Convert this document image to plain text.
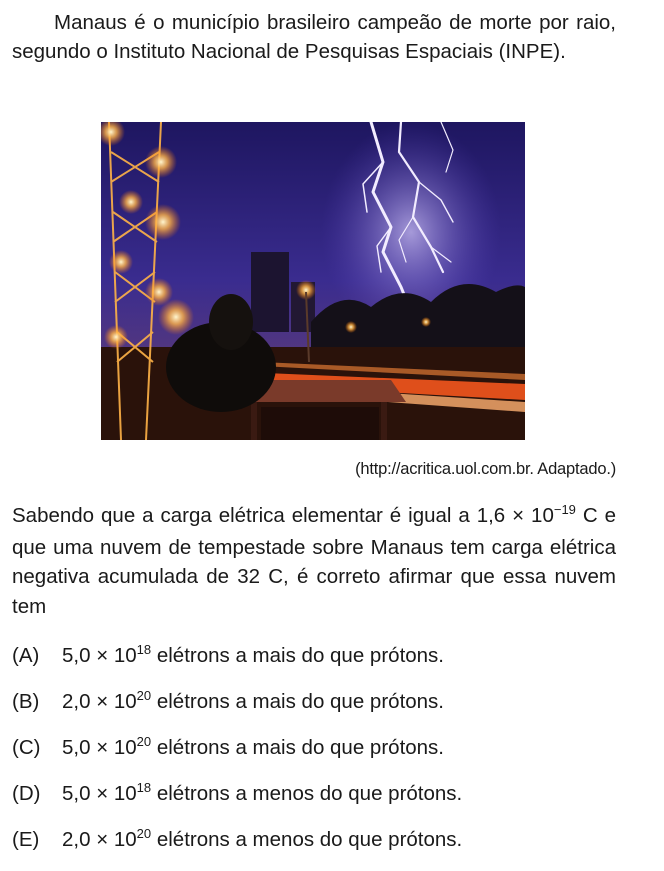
Manaus é o município brasileiro campeão de morte por raio, segundo o Instituto Nacional de Pesquisas Espaciais (INPE).

(http://acritica.uol.com.br. Adaptado.)

Sabendo que a carga elétrica elementar é igual a $1,6 \times 10^{-19}$ C e que uma nuvem de tempestade sobre Manaus tem carga elétrica negativa acumulada de 32 C, é correto afirmar que essa nuvem tem

(A) $5,0 \times 10^{18}$ elétrons a mais do que prótons.
(B) $2,0 \times 10^{20}$ elétrons a mais do que prótons.
(C) $5,0 \times 10^{20}$ elétrons a mais do que prótons.
(D) $5,0 \times 10^{18}$ elétrons a menos do que prótons.
(E) $2,0 \times 10^{20}$ elétrons a menos do que prótons.
